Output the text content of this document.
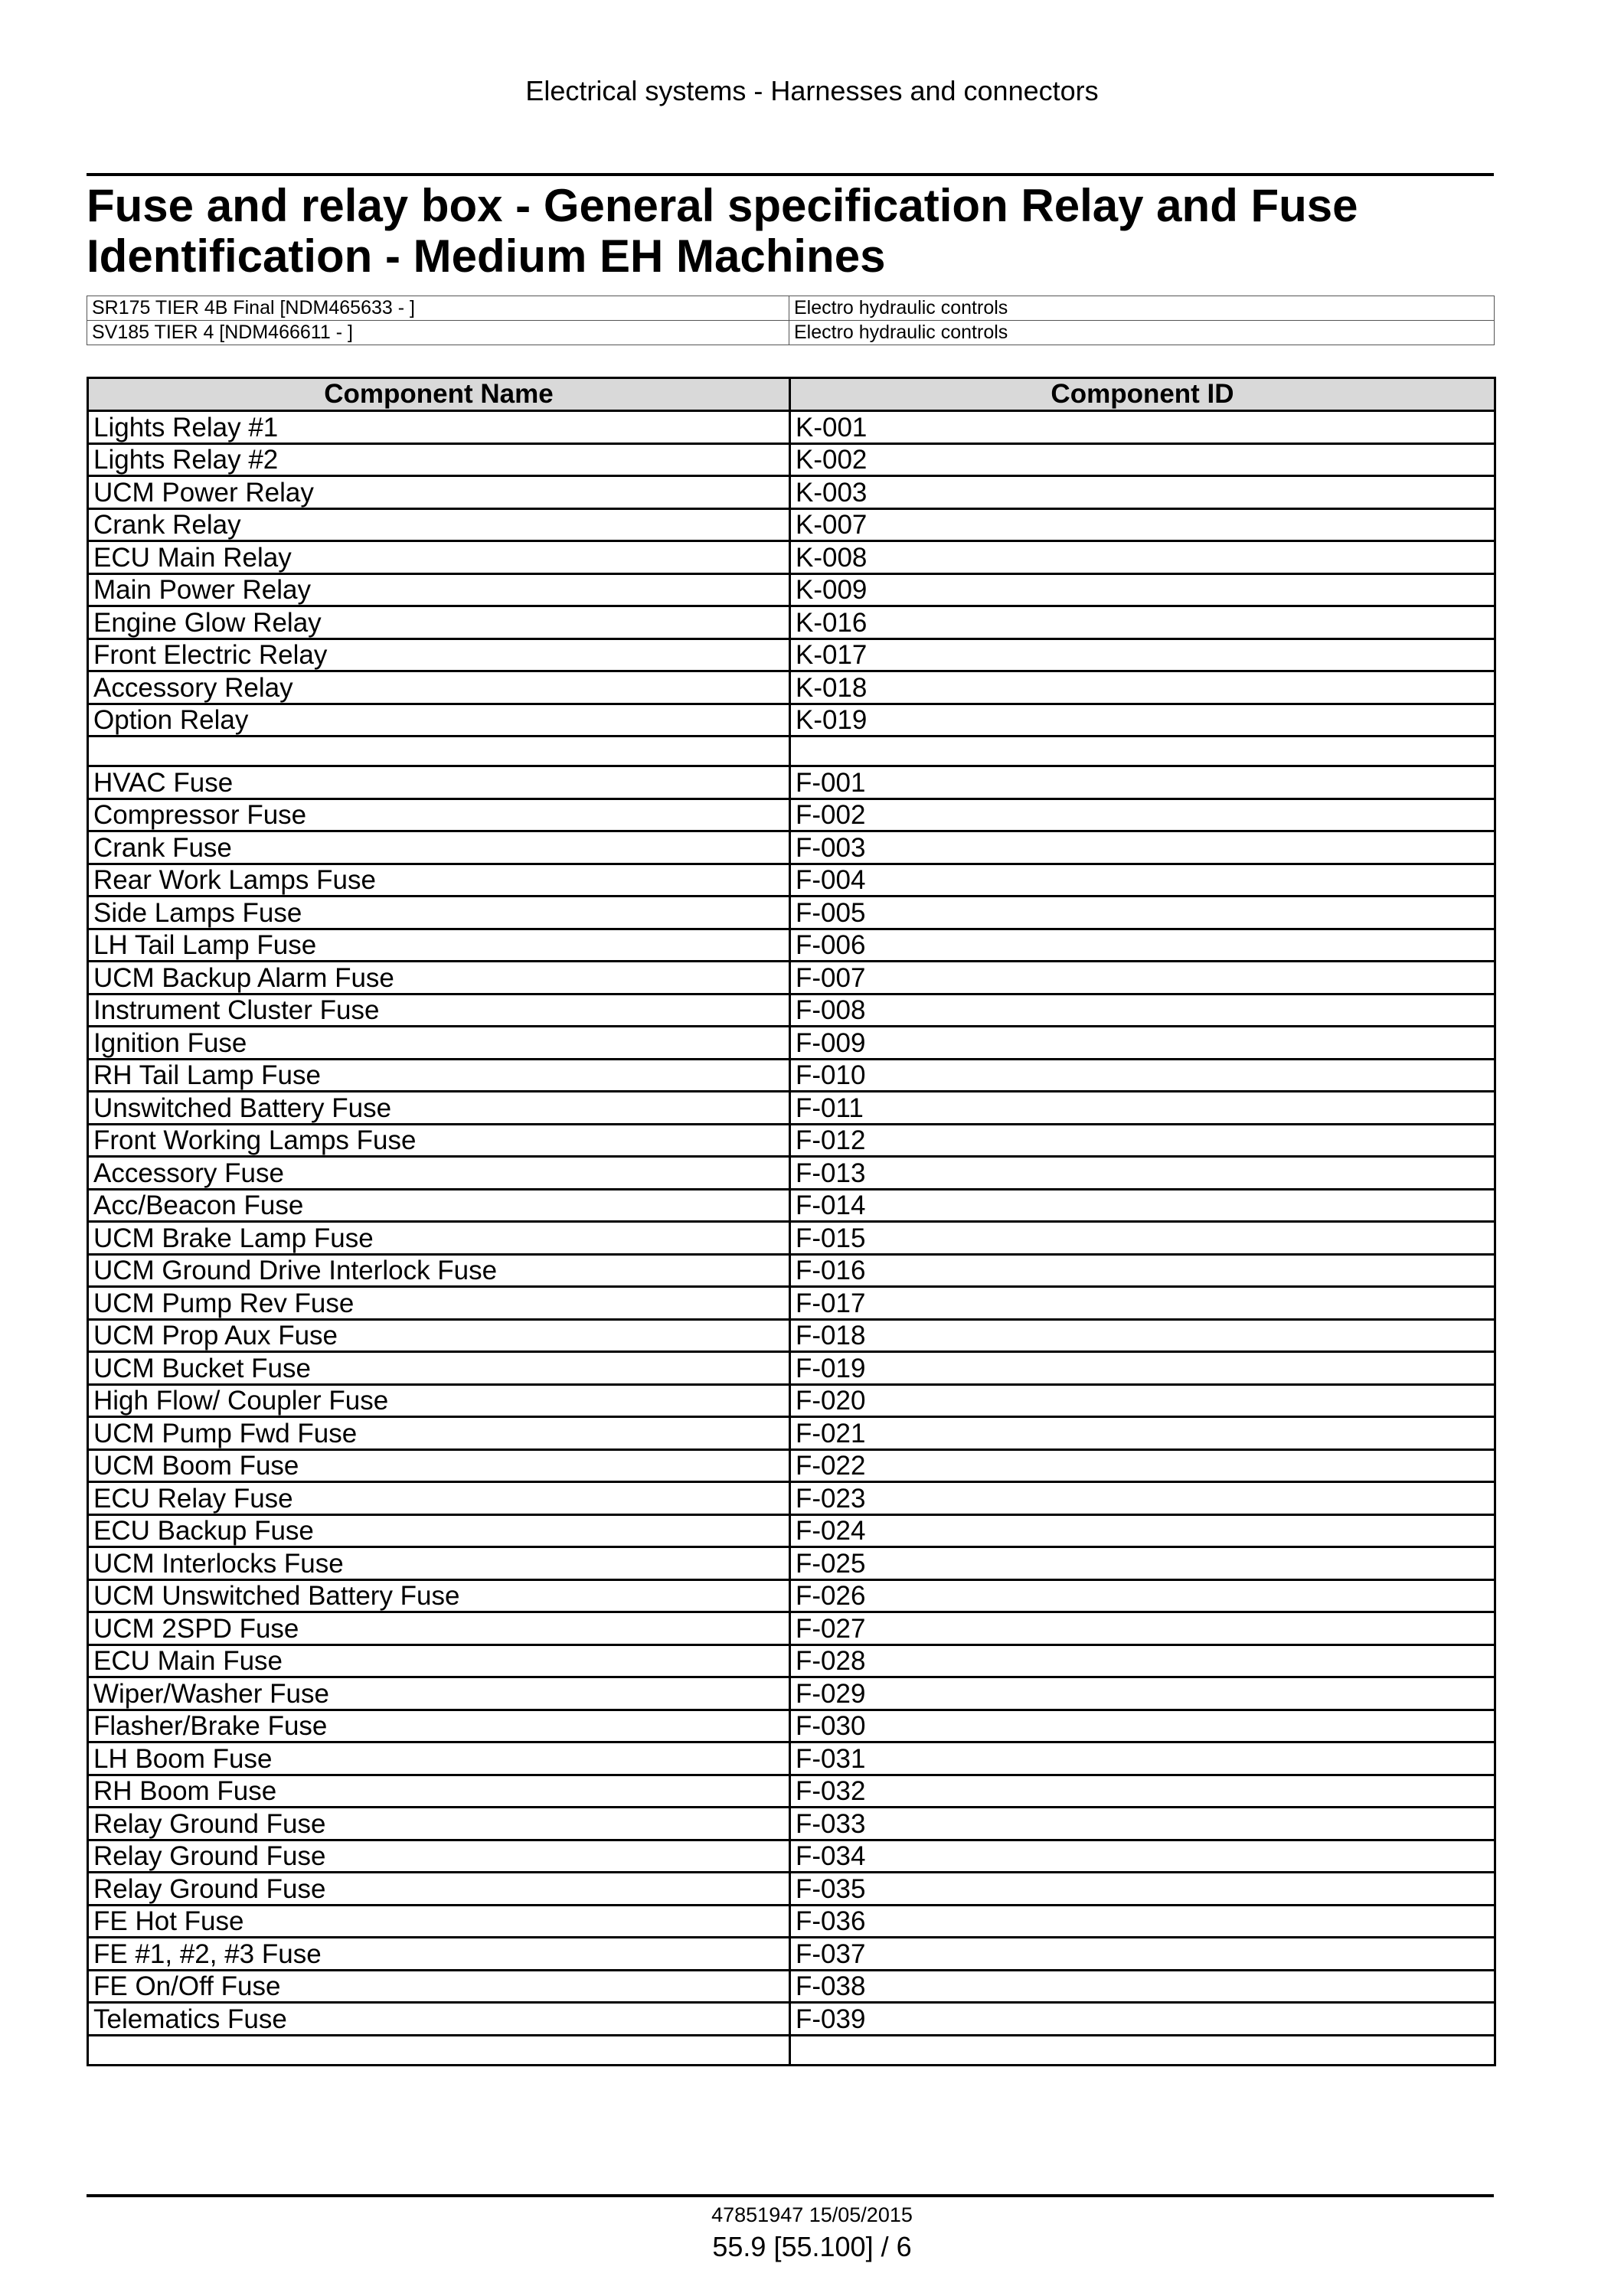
Electrical systems - Harnesses and connectors
Fuse and relay box - General specification Relay and Fuse
Identification - Medium EH Machines
SR175 TIER 4B Final [NDM465633 - ]	Electro hydraulic controls
SV185 TIER 4 [NDM466611 - ]	Electro hydraulic controls
Component Name	Component ID
Lights Relay #1	K-001
Lights Relay #2	K-002
UCM Power Relay	K-003
Crank Relay	K-007
ECU Main Relay	K-008
Main Power Relay	K-009
Engine Glow Relay	K-016
Front Electric Relay	K-017
Accessory Relay	K-018
Option Relay	K-019

HVAC Fuse	F-001
Compressor Fuse	F-002
Crank Fuse	F-003
Rear Work Lamps Fuse	F-004
Side Lamps Fuse	F-005
LH Tail Lamp Fuse	F-006
UCM Backup Alarm Fuse	F-007
Instrument Cluster Fuse	F-008
Ignition Fuse	F-009
RH Tail Lamp Fuse	F-010
Unswitched Battery Fuse	F-011
Front Working Lamps Fuse	F-012
Accessory Fuse	F-013
Acc/Beacon Fuse	F-014
UCM Brake Lamp Fuse	F-015
UCM Ground Drive Interlock Fuse	F-016
UCM Pump Rev Fuse	F-017
UCM Prop Aux Fuse	F-018
UCM Bucket Fuse	F-019
High Flow/ Coupler Fuse	F-020
UCM Pump Fwd Fuse	F-021
UCM Boom Fuse	F-022
ECU Relay Fuse	F-023
ECU Backup Fuse	F-024
UCM Interlocks Fuse	F-025
UCM Unswitched Battery Fuse	F-026
UCM 2SPD Fuse	F-027
ECU Main Fuse	F-028
Wiper/Washer Fuse	F-029
Flasher/Brake Fuse	F-030
LH Boom Fuse	F-031
RH Boom Fuse	F-032
Relay Ground Fuse	F-033
Relay Ground Fuse	F-034
Relay Ground Fuse	F-035
FE Hot Fuse	F-036
FE #1, #2, #3 Fuse	F-037
FE On/Off Fuse	F-038
Telematics Fuse	F-039

47851947 15/05/2015
55.9 [55.100] / 6
